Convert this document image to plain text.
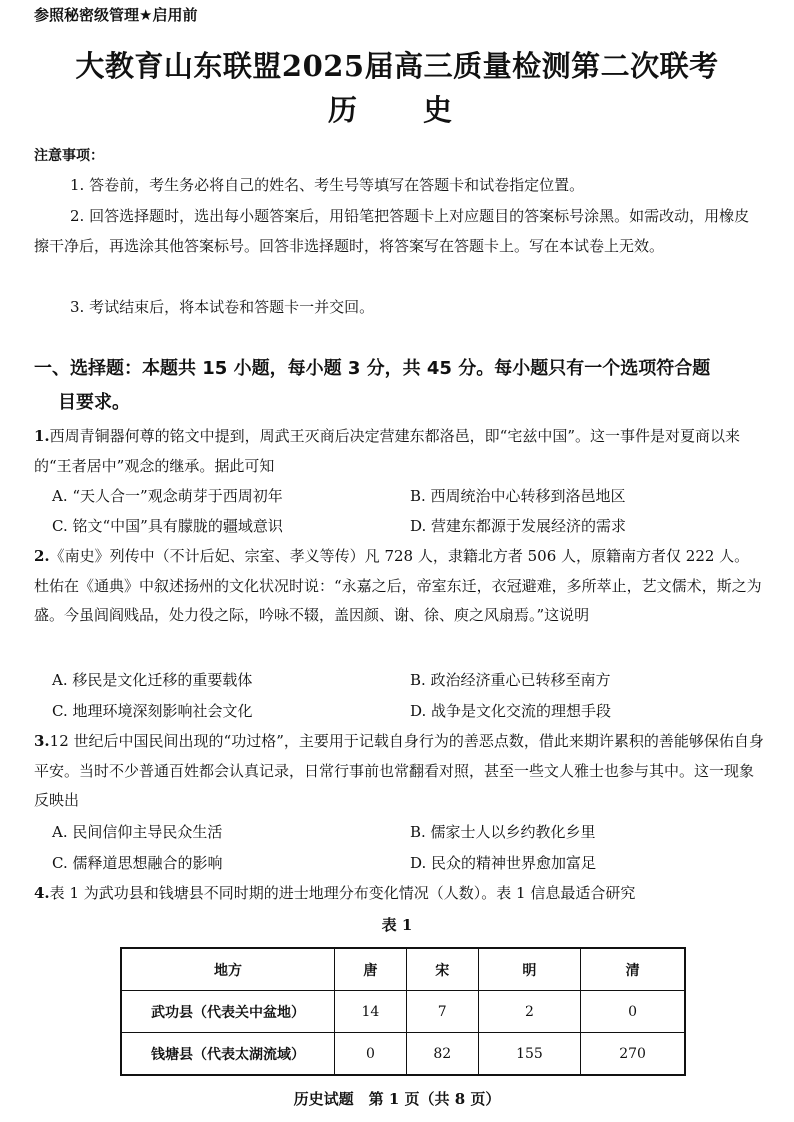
参照秘密级管理★启用前
大教育山东联盟2025届高三质量检测第二次联考
历 史
注意事项：
1. 答卷前，考生务必将自己的姓名、考生号等填写在答题卡和试卷指定位置。
2. 回答选择题时，选出每小题答案后，用铅笔把答题卡上对应题目的答案标号涂黑。如需改动，用橡皮擦干净后，再选涂其他答案标号。回答非选择题时，将答案写在答题卡上。写在本试卷上无效。
3. 考试结束后，将本试卷和答题卡一并交回。
一、选择题：本题共 15 小题，每小题 3 分，共 45 分。每小题只有一个选项符合题
目要求。
1.西周青铜器何尊的铭文中提到，周武王灭商后决定营建东都洛邑，即“宅兹中国”。这一事件是对夏商以来的“王者居中”观念的继承。据此可知
A. “天人合一”观念萌芽于西周初年	B. 西周统治中心转移到洛邑地区
C. 铭文“中国”具有朦胧的疆域意识	D. 营建东都源于发展经济的需求
2.《南史》列传中（不计后妃、宗室、孝义等传）凡 728 人，隶籍北方者 506 人，原籍南方者仅 222 人。杜佑在《通典》中叙述扬州的文化状况时说：“永嘉之后，帝室东迁，衣冠避难，多所萃止，艺文儒术，斯之为盛。今虽闾阎贱品，处力役之际，吟咏不辍，盖因颜、谢、徐、庾之风扇焉。”这说明
A. 移民是文化迁移的重要载体	B. 政治经济重心已转移至南方
C. 地理环境深刻影响社会文化	D. 战争是文化交流的理想手段
3.12 世纪后中国民间出现的“功过格”，主要用于记载自身行为的善恶点数，借此来期许累积的善能够保佑自身平安。当时不少普通百姓都会认真记录，日常行事前也常翻看对照，甚至一些文人雅士也参与其中。这一现象反映出
A. 民间信仰主导民众生活	B. 儒家士人以乡约教化乡里
C. 儒释道思想融合的影响	D. 民众的精神世界愈加富足
4.表 1 为武功县和钱塘县不同时期的进士地理分布变化情况（人数）。表 1 信息最适合研究
表 1
地方	唐	宋	明	清
武功县（代表关中盆地）	14	7	2	0
钱塘县（代表太湖流域）	0	82	155	270
历史试题　第 1 页（共 8 页）
